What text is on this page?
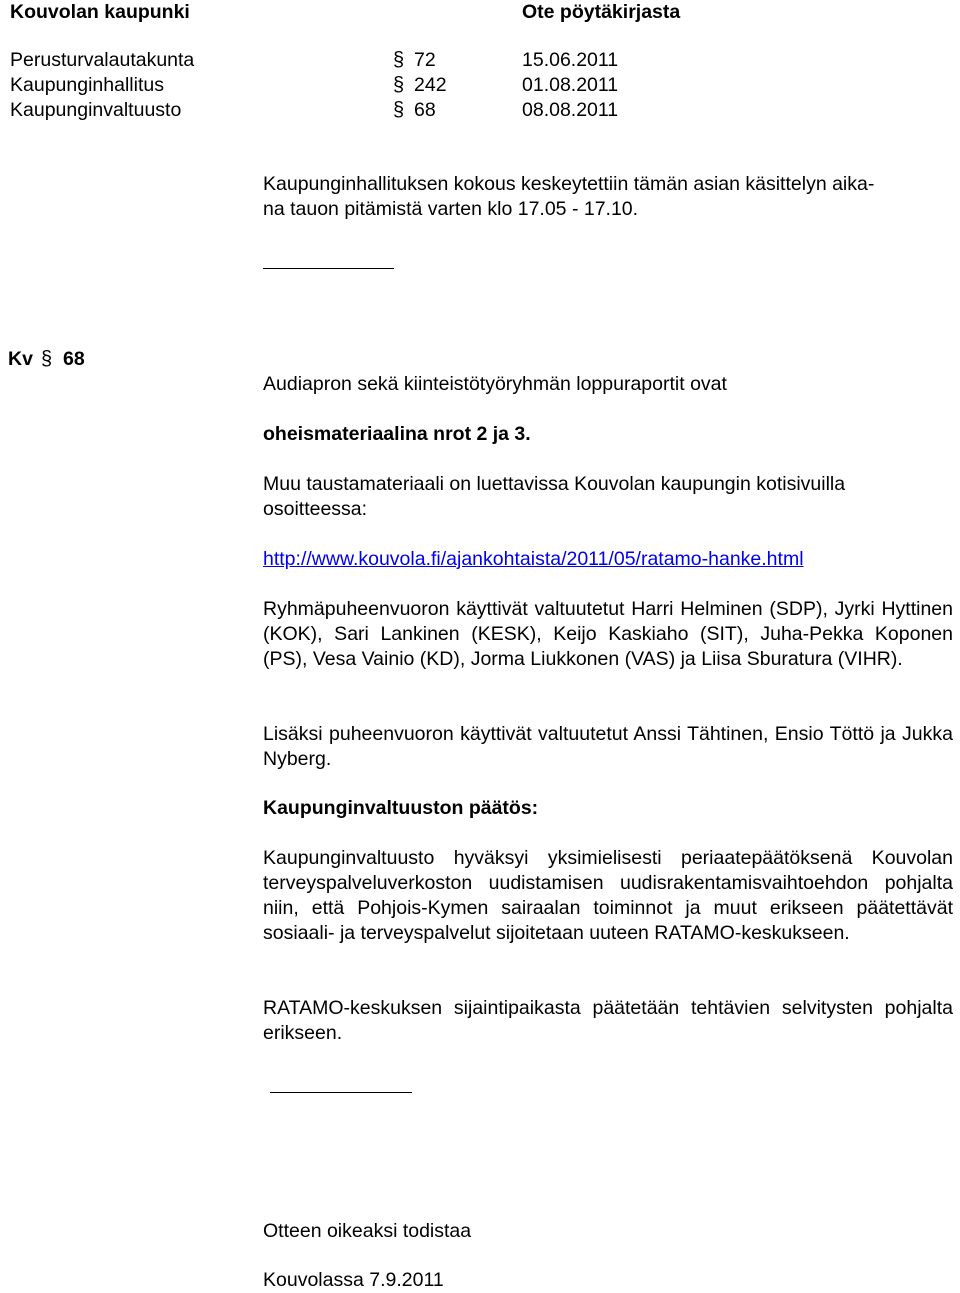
Kouvolan kaupunki	Ote pöytäkirjasta
Perusturvalautakunta	§ 72	15.06.2011
Kaupunginhallitus	§ 242	01.08.2011
Kaupunginvaltuusto	§ 68	08.08.2011
Kaupunginhallituksen kokous keskeytettiin tämän asian käsittelyn aika-
na tauon pitämistä varten klo 17.05 - 17.10.
Kv § 68
Audiapron sekä kiinteistötyöryhmän loppuraportit ovat
oheismateriaalina nrot 2 ja 3.
Muu taustamateriaali on luettavissa Kouvolan kaupungin kotisivuilla osoitteessa:
http://www.kouvola.fi/ajankohtaista/2011/05/ratamo-hanke.html
Ryhmäpuheenvuoron käyttivät valtuutetut Harri Helminen (SDP), Jyrki Hyttinen (KOK), Sari Lankinen (KESK), Keijo Kaskiaho (SIT), Juha-Pekka Koponen (PS), Vesa Vainio (KD), Jorma Liukkonen (VAS) ja Liisa Sburatura (VIHR).
Lisäksi puheenvuoron käyttivät valtuutetut Anssi Tähtinen, Ensio Töttö ja Jukka Nyberg.
Kaupunginvaltuuston päätös:
Kaupunginvaltuusto hyväksyi yksimielisesti periaatepäätöksenä Kouvolan terveyspalveluverkoston uudistamisen uudisrakentamisvaihtoehdon pohjalta niin, että Pohjois-Kymen sairaalan toiminnot ja muut erikseen päätettävät sosiaali- ja terveyspalvelut sijoitetaan uuteen RATAMO-keskukseen.
RATAMO-keskuksen sijaintipaikasta päätetään tehtävien selvitysten pohjalta erikseen.
Otteen oikeaksi todistaa
Kouvolassa 7.9.2011
